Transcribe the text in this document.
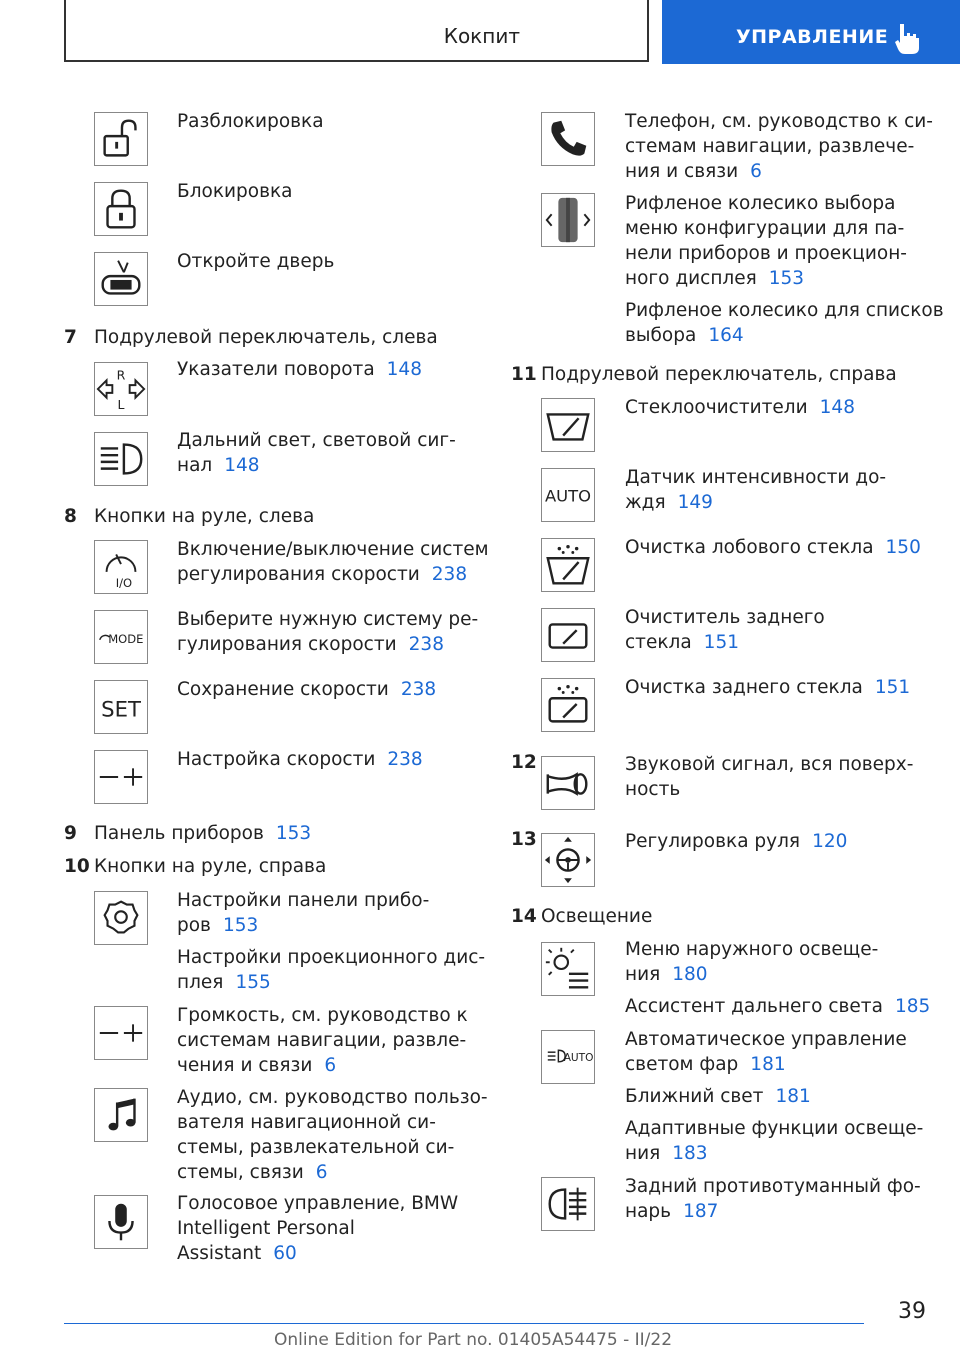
Кокпит	УПРАВЛЕНИЕ
Разблокировка
Блокировка
Откройте дверь
7 Подрулевой переключатель, слева
R
L
Указатели поворота 148
Дальний свет, световой сиг-
нал 148
8 Кнопки на руле, слева
I/O
Включение/выключение систем
регулирования скорости 238
MODE
Выберите нужную систему ре-
гулирования скорости 238
SET
Сохранение скорости 238
Настройка скорости 238
9 Панель приборов 153
10 Кнопки на руле, справа
Настройки панели прибо-
ров 153
Настройки проекционного дис-
плея 155
Громкость, см. руководство к
системам навигации, развле-
чения и связи 6
Аудио, см. руководство пользо-
вателя навигационной си-
стемы, развлекательной си-
стемы, связи 6
Голосовое управление, BMW
Intelligent Personal
Assistant 60
Телефон, см. руководство к си-
стемам навигации, развлече-
ния и связи 6
Рифленое колесико выбора
меню конфигурации для па-
нели приборов и проекцион-
ного дисплея 153
Рифленое колесико для списков
выбора 164
11 Подрулевой переключатель, справа
Стеклоочистители 148
AUTO
Датчик интенсивности до-
ждя 149
Очистка лобового стекла 150
Очиститель заднего
стекла 151
Очистка заднего стекла 151
12	Звуковой сигнал, вся поверх-
ность
13	Регулировка руля 120
14 Освещение
Меню наружного освеще-
ния 180
Ассистент дальнего света 185
AUTO
Автоматическое управление
светом фар 181
Ближний свет 181
Адаптивные функции освеще-
ния 183
Задний противотуманный фо-
нарь 187
39
Online Edition for Part no. 01405A54475 - II/22
